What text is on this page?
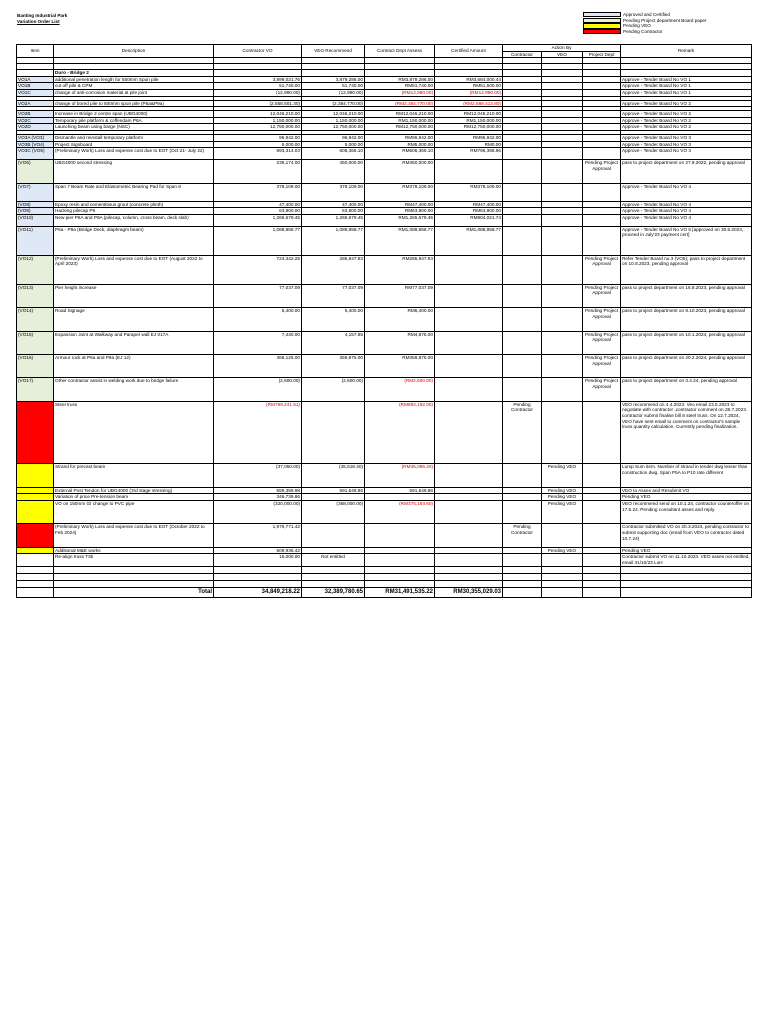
Banting Industrial Park
Variation Order List
Approved and Certified
Pending Project department Board paper
Pending VEO
Pending Contractor
Item	Description	Contractor VO	VEO Recommend	Contract Dept Assess	Certified Amount	Action By			Remark
						Contractor	VEO	Project Dept	

	Duro - Bridge 2								
VO1A	additional penetration length for 500mm Spun pile	3,899,021.76	3,879,286.00	RM3,879,286.00	RM3,684,000.44				Approve - Tender Board No VO 1
VO1B	cut off pile & CPM	51,740.00	51,740.00	RM51,740.00	RM51,500.00				Approve - Tender Board No VO 1
VO1C	change of anti-corrosion material at pile joint	(12,990.00)	(12,990.00)	(RM12,990.00)	(RM12,990.00)				Approve - Tender Board No VO 1

VO2A	change of bored pile to 500mm spun pile (P6a&P9a)	(2,558,501.30)	(2,384,770.00)	(RM2,384,770.00)	(RM2,689,413.80)				Approve - Tender Board No VO 2

VO2B	Increase in Bridge 2 centre span (UBG4000)	12,046,210.00	12,046,210.00	RM12,046,210.00	RM12,046,210.00				Approve - Tender Board No VO 2
VO2C	Temporary pile platform & coffendam P6A	1,150,000.00	1,150,000.00	RM1,150,000.00	RM1,150,000.00				Approve - Tender Board No VO 2
VO2D	Launching beam using barge (NSC)	12,750,000.00	12,750,000.00	RM12,750,000.00	RM12,750,000.00				Approve - Tender Board No VO 2

VO3A (VO3)	Dismantle and reinstall temporary platform	96,942.00	96,942.00	RM96,942.00	RM96,942.00				Approve - Tender Board No VO 3
VO3B (VO4)	Project Signboard	5,000.00	5,000.00	RM5,000.00	RM0.00				Approve - Tender Board No VO 3
VO3C (VO5)	(Preliminary Work) Loss and expense cost due to EOT (Oct 21- July 22)	893,314.03	606,366.10	RM606,366.10	RM796,396.96				Approve - Tender Board No VO 3
(VO6)	UBG4000 second stressing	239,174.00	450,000.00	RM450,000.00				Pending Project Approval	pass to project department on 27.9.2022, pending approval
(VO7)	Span 7 Beam Rate and Elastometric Bearing Pad for Span 8	378,109.00	378,109.00	RM378,109.00	RM378,109.00				Approve - Tender Board No VO 4
(VO8)	Epoxy resin and cementitious grout (concrete plinth)	47,400.00	47,400.00	RM47,400.00	RM47,400.00				Approve - Tender Board No VO 4
(VO9)	Hacking pilecap P9	63,900.00	63,900.00	RM63,900.00	RM63,900.00				Approve - Tender Board No VO 4
(VO10)	New pier P6A and P9A (pilecap, column, cross beam, deck slab)	1,265,679.45	1,265,679.45	RM1,265,679.45	RM904,021.74				Approve - Tender Board No VO 4
(VO11)	P6a - P9a (Bridge Deck, diaphragm beam)	1,088,958.77	1,088,958.77	RM1,088,958.77	RM1,088,958.77				Approve - Tender Board No VO 5 [approved on 30.6.2023, proceed in July'23 payment cert]
(VO12)	(Preliminary Work) Loss and expense cost due to EOT (August 2022 to April 2023)	724,342.25	286,947.93	RM286,947.93				Pending Project Approval	Refer Tender Board no.3 (VO5); pass to project department on 10.8.2023, pending approval
(VO13)	Pier height increase	77,037.09	77,037.09	RM77,037.09				Pending Project Approval	pass to project department on 16.8.2023, pending approval
(VO14)	Road Signage	6,400.00	6,400.00	RM6,400.00				Pending Project Approval	pass to project department on 9.10.2023, pending approval
(VO15)	Expansion Joint at Walkway and Parapet wall EJ 017A	7,440.00	4,157.85	RM4,875.00				Pending Project Approval	pass to project department on 10.1.2024, pending approval
(VO16)	Armour rock at P6a and P9a (EJ 12)	368,125.00	359,875.00	RM359,875.00				Pending Project Approval	pass to project department on 20.2.2024, pending approval
(VO17)	Other contractor assist in welding work due to bridge failure	(2,600.00)	(2,600.00)	(RM2,600.00)				Pending Project Approval	pass to project department on 3.4.24, pending approval
	Steel truss	(RM789,241.51)		(RM892,192.00)		Pending Contractor			VEO recommend on 4.4.2023. Veo email 23.5.2023 to negotiate with contractor ,contractor comment on 28.7.2023. contractor submit finalise bill 8 steel truss. On 12.7.2024, VEO have sent email to comment on contractor's sample truss quantity calculation. Currently pending finalization.
	Strand for precast beam	(37,050.00)	(45,518.40)	(RM45,096.20)			Pending VEO		Lump Sum item. Number of strand in tender dwg lesser than construction dwg. Span P5A to P10 rate different
	External Post Tendon for UBG4000 (3rd stage stressing)	559,359.98	591,649.86	591,649.86			Pending VEO		VEO to Asses and Resubmit VO
	Variation of price Pre-tension beam	346,739.86					Pending VEO		Pending VEO
	VO on 150mm GI change to PVC pipe	(320,000.00)	(368,000.00)	(RM375,193.60)			Pending VEO		VEO recommend send on 10.1.24, contractor counteroffer on 17.5.24. Pending consultant asses and reply.
	(Preliminary Work) Loss and expense cost due to EOT (October 2022 to Feb 2024)	1,979,771.42				Pending Contractor			Contractor submitted VO on 20.3.2024, pending contractor to submit supporting doc (email from VEO to contractor dated 10.7.24)
	Additional M&E works	509,936.42					Pending VEO		Pending VEO
	Re-align truss T3b	15,000.00	Not entitled						Contractor submit VO on 11.10.2023. VEO asses not entitled, email 31/10/23 LoH

	Total	34,849,218.22	32,389,780.65	RM31,491,535.22	RM30,355,029.03				
